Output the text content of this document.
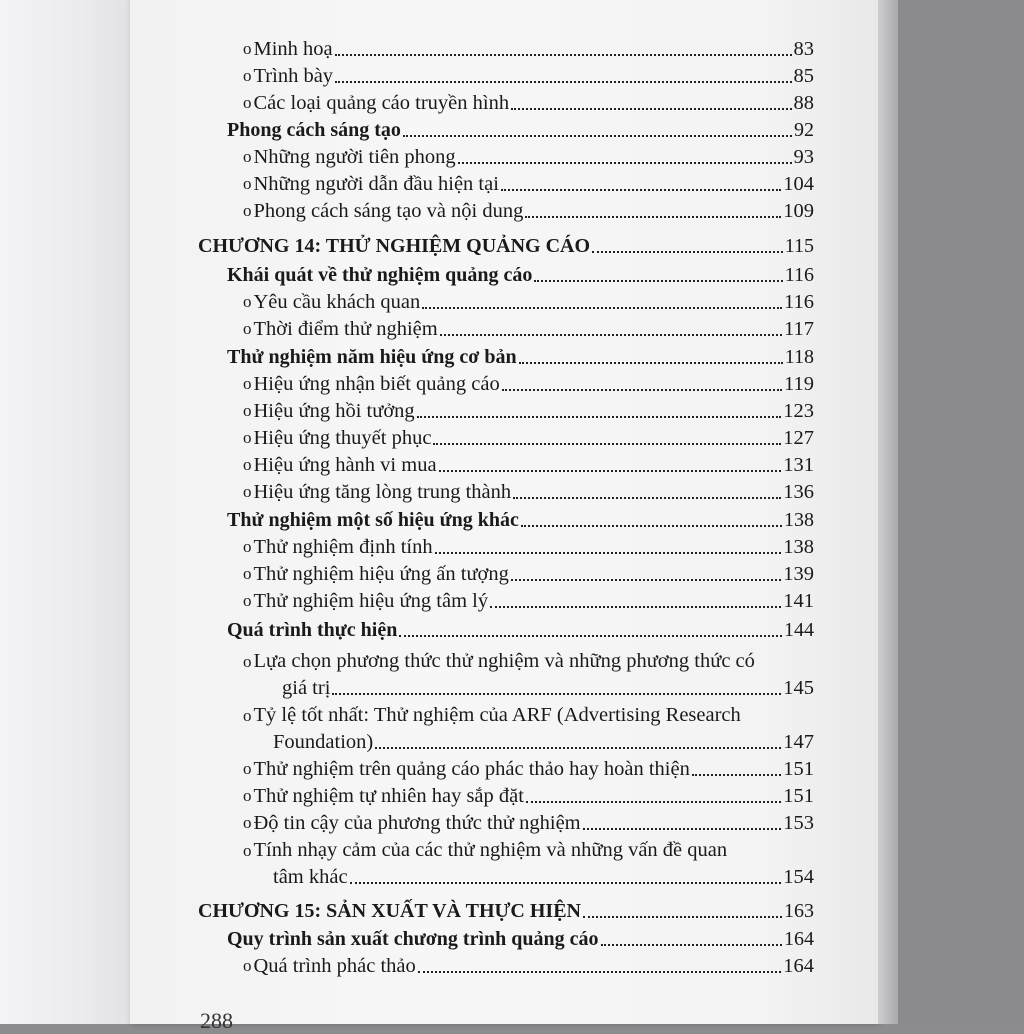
o Minh hoạ	83
o Trình bày	85
o Các loại quảng cáo truyền hình	88
Phong cách sáng tạo	92
o Những người tiên phong	93
o Những người dẫn đầu hiện tại	104
o Phong cách sáng tạo và nội dung	109
CHƯƠNG 14: THỬ NGHIỆM QUẢNG CÁO	115
Khái quát về thử nghiệm quảng cáo	116
o Yêu cầu khách quan	116
o Thời điểm thử nghiệm	117
Thử nghiệm năm hiệu ứng cơ bản	118
o Hiệu ứng nhận biết quảng cáo	119
o Hiệu ứng hồi tưởng	123
o Hiệu ứng thuyết phục	127
o Hiệu ứng hành vi mua	131
o Hiệu ứng tăng lòng trung thành	136
Thử nghiệm một số hiệu ứng khác	138
o Thử nghiệm định tính	138
o Thử nghiệm hiệu ứng ấn tượng	139
o Thử nghiệm hiệu ứng tâm lý	141
Quá trình thực hiện	144
oLựa chọn phương thức thử nghiệm và những phương thức có
giá trị	145
oTỷ lệ tốt nhất: Thử nghiệm của ARF (Advertising Research
Foundation)	147
o Thử nghiệm trên quảng cáo phác thảo hay hoàn thiện	151
o Thử nghiệm tự nhiên hay sắp đặt	151
o Độ tin cậy của phương thức thử nghiệm	153
oTính nhạy cảm của các thử nghiệm và những vấn đề quan
tâm khác	154
CHƯƠNG 15: SẢN XUẤT VÀ THỰC HIỆN	163
Quy trình sản xuất chương trình quảng cáo	164
o Quá trình phác thảo	164
288
